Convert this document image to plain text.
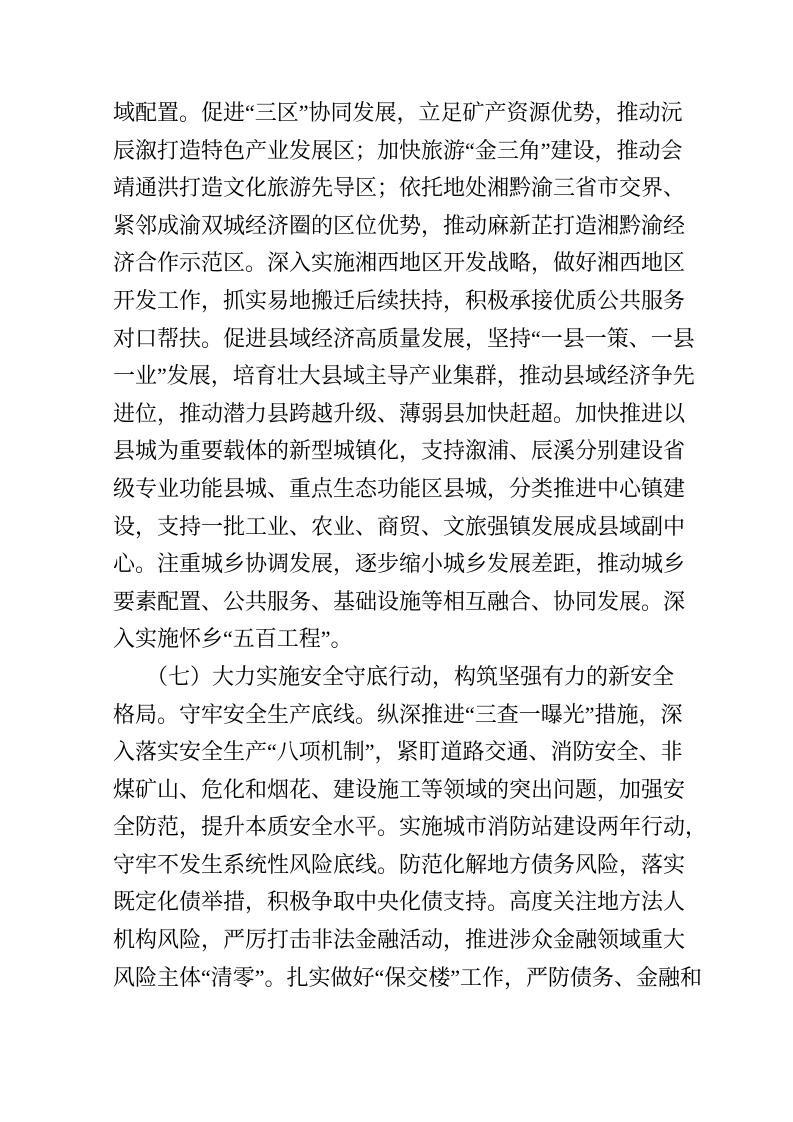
域配置。促进“三区”协同发展，立足矿产资源优势，推动沅
辰溆打造特色产业发展区；加快旅游“金三角”建设，推动会
靖通洪打造文化旅游先导区；依托地处湘黔渝三省市交界、
紧邻成渝双城经济圈的区位优势，推动麻新芷打造湘黔渝经
济合作示范区。深入实施湘西地区开发战略，做好湘西地区
开发工作，抓实易地搬迁后续扶持，积极承接优质公共服务
对口帮扶。促进县域经济高质量发展，坚持“一县一策、一县
一业”发展，培育壮大县域主导产业集群，推动县域经济争先
进位，推动潜力县跨越升级、薄弱县加快赶超。加快推进以
县城为重要载体的新型城镇化，支持溆浦、辰溪分别建设省
级专业功能县城、重点生态功能区县城，分类推进中心镇建
设，支持一批工业、农业、商贸、文旅强镇发展成县域副中
心。注重城乡协调发展，逐步缩小城乡发展差距，推动城乡
要素配置、公共服务、基础设施等相互融合、协同发展。深
入实施怀乡“五百工程”。
　　（七）大力实施安全守底行动，构筑坚强有力的新安全
格局。守牢安全生产底线。纵深推进“三查一曝光”措施，深
入落实安全生产“八项机制”，紧盯道路交通、消防安全、非
煤矿山、危化和烟花、建设施工等领域的突出问题，加强安
全防范，提升本质安全水平。实施城市消防站建设两年行动，
守牢不发生系统性风险底线。防范化解地方债务风险，落实
既定化债举措，积极争取中央化债支持。高度关注地方法人
机构风险，严厉打击非法金融活动，推进涉众金融领域重大
风险主体“清零”。扎实做好“保交楼”工作，严防债务、金融和
